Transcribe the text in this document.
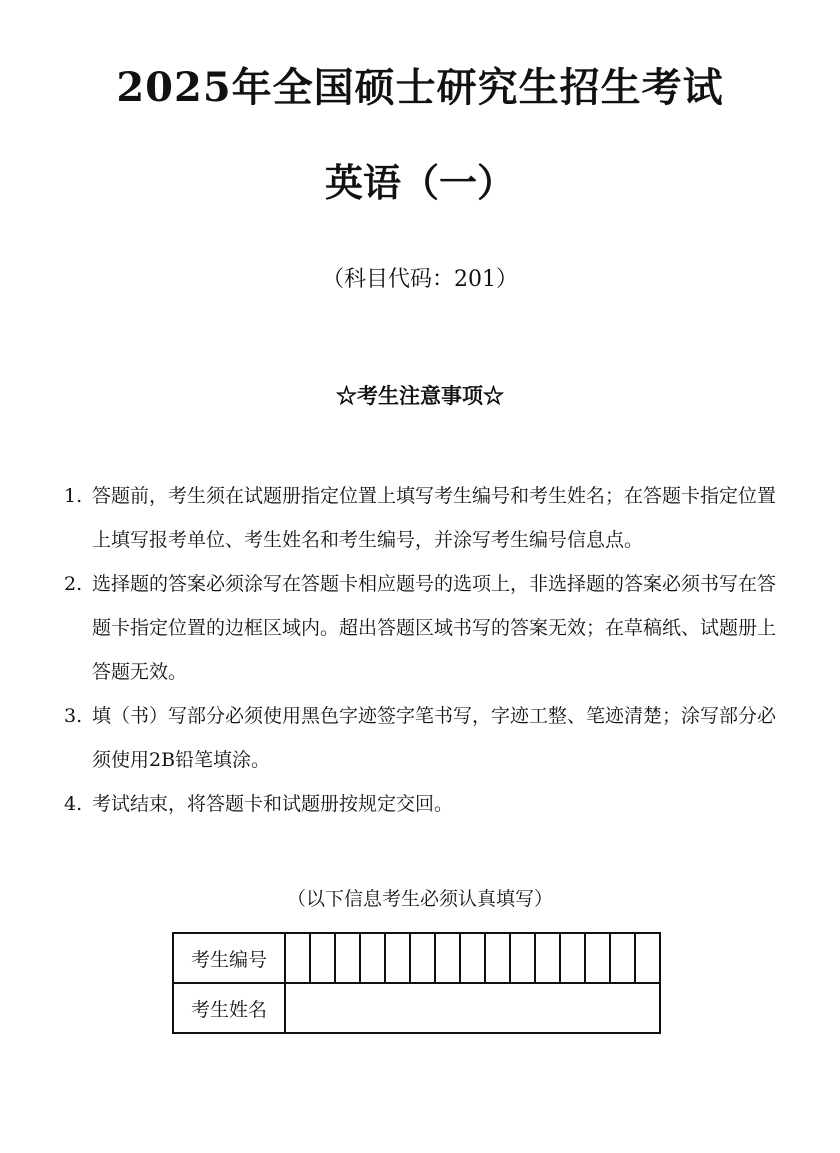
2025年全国硕士研究生招生考试
英语（一）
（科目代码：201）
☆考生注意事项☆
1. 答题前，考生须在试题册指定位置上填写考生编号和考生姓名；在答题卡指定位置上填写报考单位、考生姓名和考生编号，并涂写考生编号信息点。
2. 选择题的答案必须涂写在答题卡相应题号的选项上，非选择题的答案必须书写在答题卡指定位置的边框区域内。超出答题区域书写的答案无效；在草稿纸、试题册上答题无效。
3. 填（书）写部分必须使用黑色字迹签字笔书写，字迹工整、笔迹清楚；涂写部分必须使用2B铅笔填涂。
4. 考试结束，将答题卡和试题册按规定交回。
（以下信息考生必须认真填写）
考生编号															
考生姓名															
